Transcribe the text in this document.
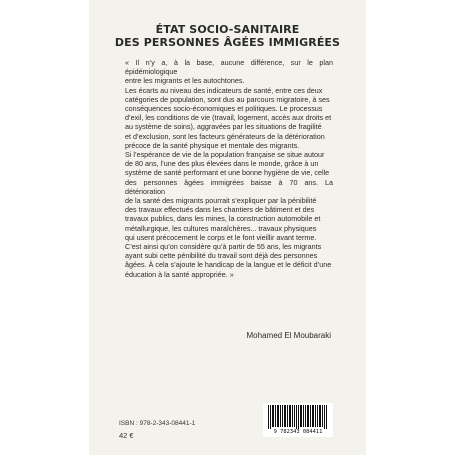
ÉTAT SOCIO-SANITAIRE
DES PERSONNES ÂGÉES IMMIGRÉES

« Il n’y a, à la base, aucune différence, sur le plan épidémiologique

entre les migrants et les autochtones.

Les écarts au niveau des indicateurs de santé, entre ces deux

catégories de population, sont dus au parcours migratoire, à ses

conséquences socio-économiques et politiques. Le processus

d’exil, les conditions de vie (travail, logement, accès aux droits et

au système de soins), aggravées par les situations de fragilité

et d’exclusion, sont les facteurs générateurs de la détérioration

précoce de la santé physique et mentale des migrants.

Si l’espérance de vie de la population française se situe autour

de 80 ans, l’une des plus élevées dans le monde, grâce à un

système de santé performant et une bonne hygiène de vie, celle

des personnes âgées immigrées baisse à 70 ans. La détérioration

de la santé des migrants pourrait s’expliquer par la pénibilité

des travaux effectués dans les chantiers de bâtiment et des

travaux publics, dans les mines, la construction automobile et

métallurgique, les cultures maraîchères... travaux physiques

qui usent précocement le corps et le font vieillir avant terme.

C’est ainsi qu’on considère qu’à partir de 55 ans, les migrants

ayant subi cette pénibilité du travail sont déjà des personnes

âgées. À cela s’ajoute le handicap de la langue et le déficit d’une

éducation à la santé appropriée. »

Mohamed El Moubaraki
ISBN : 978-2-343-08441-1
42 €	9 782343 084411
